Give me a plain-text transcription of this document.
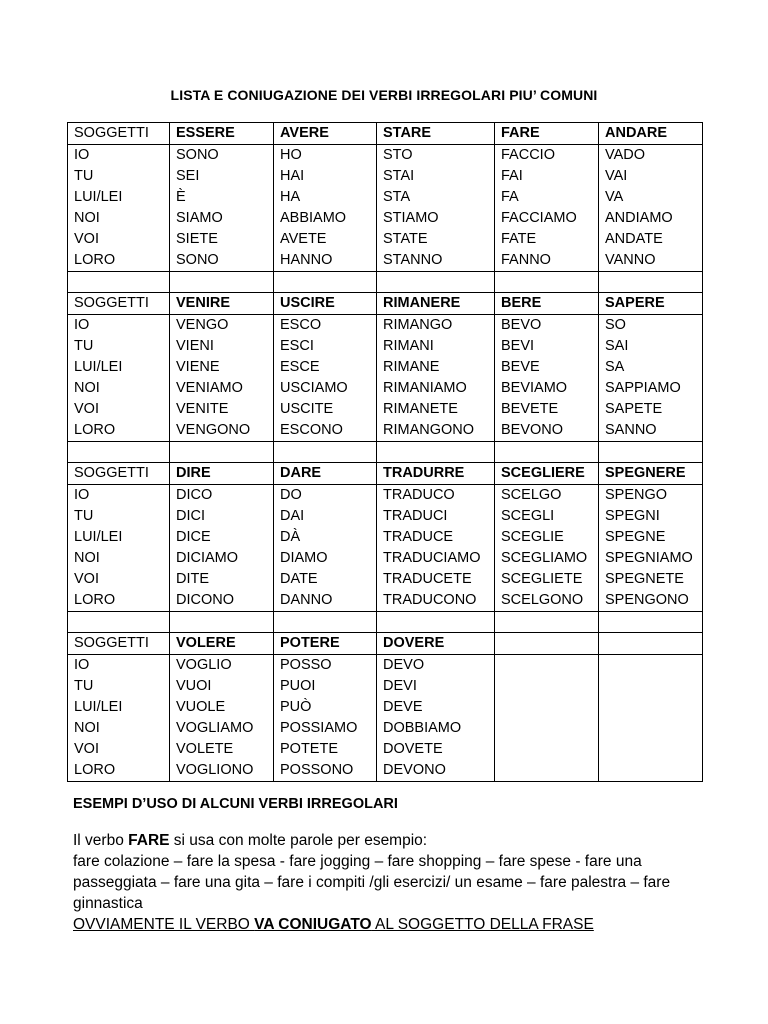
LISTA E CONIUGAZIONE DEI VERBI IRREGOLARI PIU’ COMUNI
SOGGETTI	ESSERE	AVERE	STARE	FARE	ANDARE
IO	SONO	HO	STO	FACCIO	VADO
TU	SEI	HAI	STAI	FAI	VAI
LUI/LEI	È	HA	STA	FA	VA
NOI	SIAMO	ABBIAMO	STIAMO	FACCIAMO	ANDIAMO
VOI	SIETE	AVETE	STATE	FATE	ANDATE
LORO	SONO	HANNO	STANNO	FANNO	VANNO

SOGGETTI	VENIRE	USCIRE	RIMANERE	BERE	SAPERE
IO	VENGO	ESCO	RIMANGO	BEVO	SO
TU	VIENI	ESCI	RIMANI	BEVI	SAI
LUI/LEI	VIENE	ESCE	RIMANE	BEVE	SA
NOI	VENIAMO	USCIAMO	RIMANIAMO	BEVIAMO	SAPPIAMO
VOI	VENITE	USCITE	RIMANETE	BEVETE	SAPETE
LORO	VENGONO	ESCONO	RIMANGONO	BEVONO	SANNO

SOGGETTI	DIRE	DARE	TRADURRE	SCEGLIERE	SPEGNERE
IO	DICO	DO	TRADUCO	SCELGO	SPENGO
TU	DICI	DAI	TRADUCI	SCEGLI	SPEGNI
LUI/LEI	DICE	DÀ	TRADUCE	SCEGLIE	SPEGNE
NOI	DICIAMO	DIAMO	TRADUCIAMO	SCEGLIAMO	SPEGNIAMO
VOI	DITE	DATE	TRADUCETE	SCEGLIETE	SPEGNETE
LORO	DICONO	DANNO	TRADUCONO	SCELGONO	SPENGONO

SOGGETTI	VOLERE	POTERE	DOVERE		
IO	VOGLIO	POSSO	DEVO		
TU	VUOI	PUOI	DEVI		
LUI/LEI	VUOLE	PUÒ	DEVE		
NOI	VOGLIAMO	POSSIAMO	DOBBIAMO		
VOI	VOLETE	POTETE	DOVETE		
LORO	VOGLIONO	POSSONO	DEVONO		
ESEMPI D’USO DI ALCUNI VERBI IRREGOLARI

Il verbo FARE si usa con molte parole per esempio:

fare colazione – fare la spesa - fare jogging – fare shopping – fare spese - fare una passeggiata – fare una gita – fare i compiti /gli esercizi/ un esame – fare palestra – fare ginnastica

OVVIAMENTE IL VERBO VA CONIUGATO AL SOGGETTO DELLA FRASE
